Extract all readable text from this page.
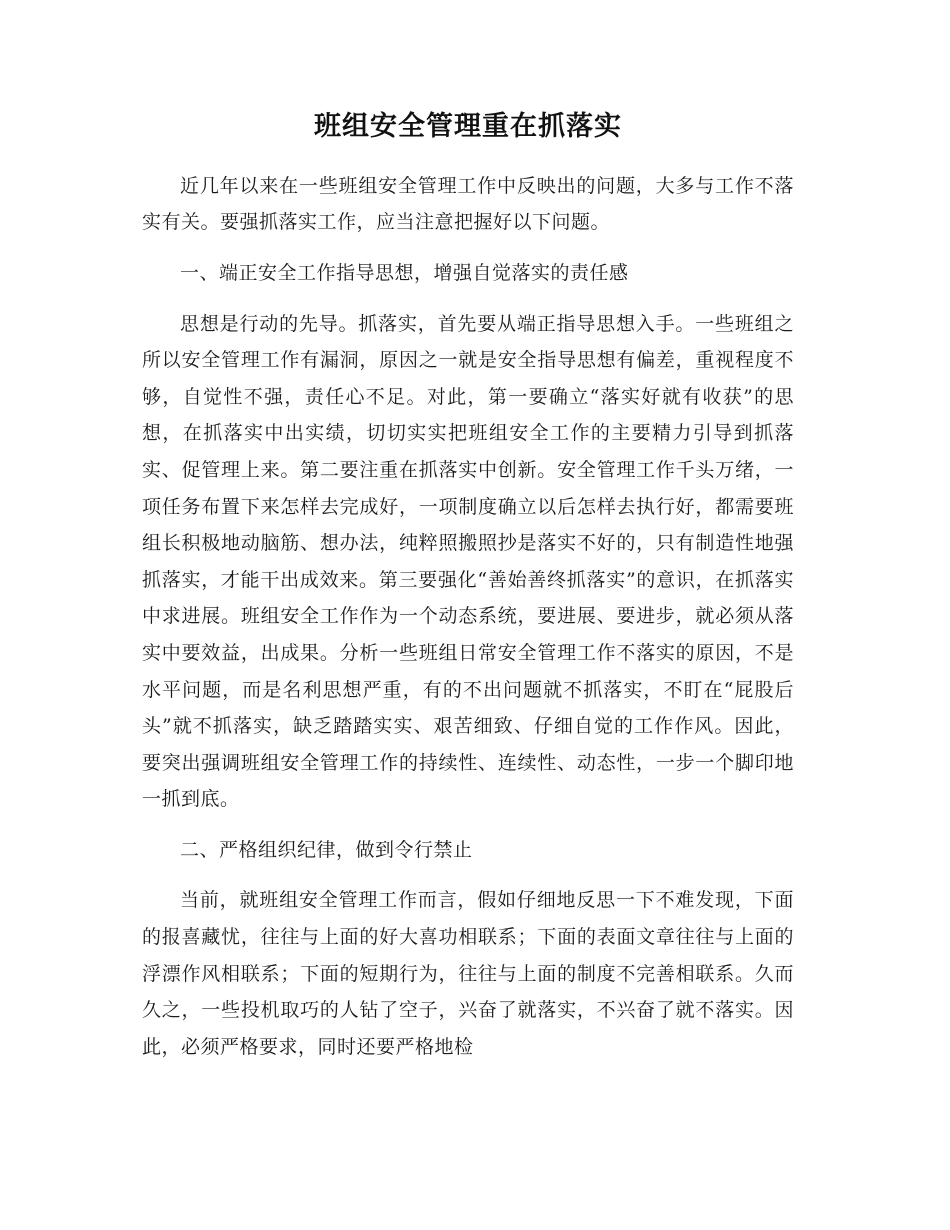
班组安全管理重在抓落实

近几年以来在一些班组安全管理工作中反映出的问题，大多与工作不落实有关。要强抓落实工作，应当注意把握好以下问题。

一、端正安全工作指导思想，增强自觉落实的责任感

思想是行动的先导。抓落实，首先要从端正指导思想入手。一些班组之所以安全管理工作有漏洞，原因之一就是安全指导思想有偏差，重视程度不够，自觉性不强，责任心不足。对此，第一要确立“落实好就有收获”的思想，在抓落实中出实绩，切切实实把班组安全工作的主要精力引导到抓落实、促管理上来。第二要注重在抓落实中创新。安全管理工作千头万绪，一项任务布置下来怎样去完成好，一项制度确立以后怎样去执行好，都需要班组长积极地动脑筋、想办法，纯粹照搬照抄是落实不好的，只有制造性地强抓落实，才能干出成效来。第三要强化“善始善终抓落实”的意识，在抓落实中求进展。班组安全工作作为一个动态系统，要进展、要进步，就必须从落实中要效益，出成果。分析一些班组日常安全管理工作不落实的原因，不是水平问题，而是名利思想严重，有的不出问题就不抓落实，不盯在“屁股后头”就不抓落实，缺乏踏踏实实、艰苦细致、仔细自觉的工作作风。因此，要突出强调班组安全管理工作的持续性、连续性、动态性，一步一个脚印地一抓到底。

二、严格组织纪律，做到令行禁止

当前，就班组安全管理工作而言，假如仔细地反思一下不难发现，下面的报喜藏忧，往往与上面的好大喜功相联系；下面的表面文章往往与上面的浮漂作风相联系；下面的短期行为，往往与上面的制度不完善相联系。久而久之，一些投机取巧的人钻了空子，兴奋了就落实，不兴奋了就不落实。因此，必须严格要求，同时还要严格地检
